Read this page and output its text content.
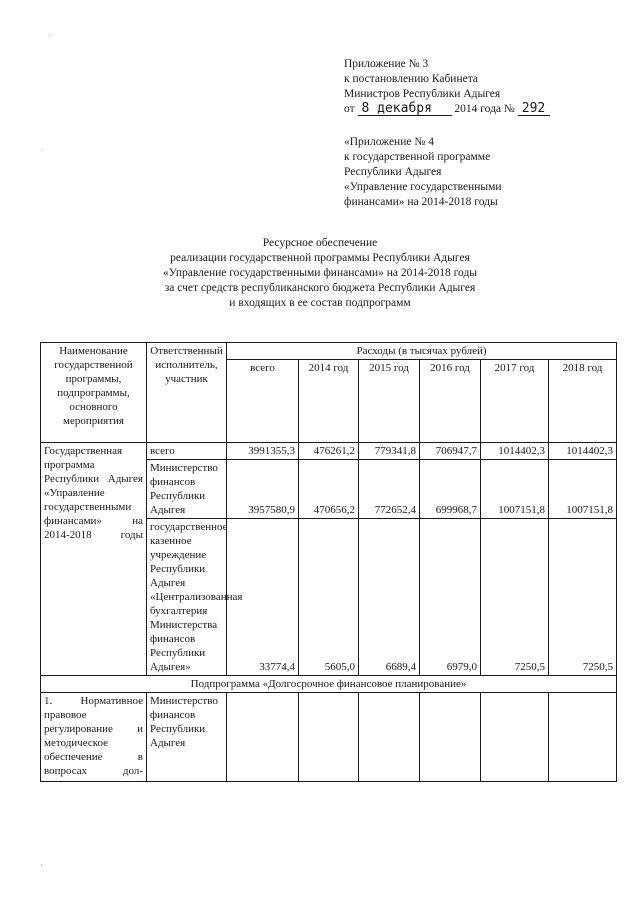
·
·
·
Приложение № 3
к постановлению Кабинета
Министров Республики Адыгея
от 8 декабря 2014 года № 292
«Приложение № 4
к государственной программе
Республики Адыгея
«Управление государственными
финансами» на 2014-2018 годы
Ресурсное обеспечение
реализации государственной программы Республики Адыгея
«Управление государственными финансами» на 2014-2018 годы
за счет средств республиканского бюджета Республики Адыгея
и входящих в ее состав подпрограмм
Наименование государственной программы, подпрограммы, основного мероприятия	Ответственный исполнитель, участник	Расходы (в тысячах рублей)					
		всего	2014 год	2015 год	2016 год	2017 год	2018 год
Государственная программа Республики Адыгея «Управление государственными финансами» на 2014-2018 годы	всего	3991355,3	476261,2	779341,8	706947,7	1014402,3	1014402,3
	Министерство финансов Республики Адыгея	3957580,9	470656,2	772652,4	699968,7	1007151,8	1007151,8
	государственное казенное учреждение Республики Адыгея «Централизованная бухгалтерия Министерства финансов Республики Адыгея»	33774,4	5605,0	6689,4	6979,0	7250,5	7250,5
Подпрограмма «Долгосрочное финансовое планирование»							
1. Нормативное правовое регулирование и методическое обеспечение в вопросах дол-	Министерство финансов Республики Адыгея						
